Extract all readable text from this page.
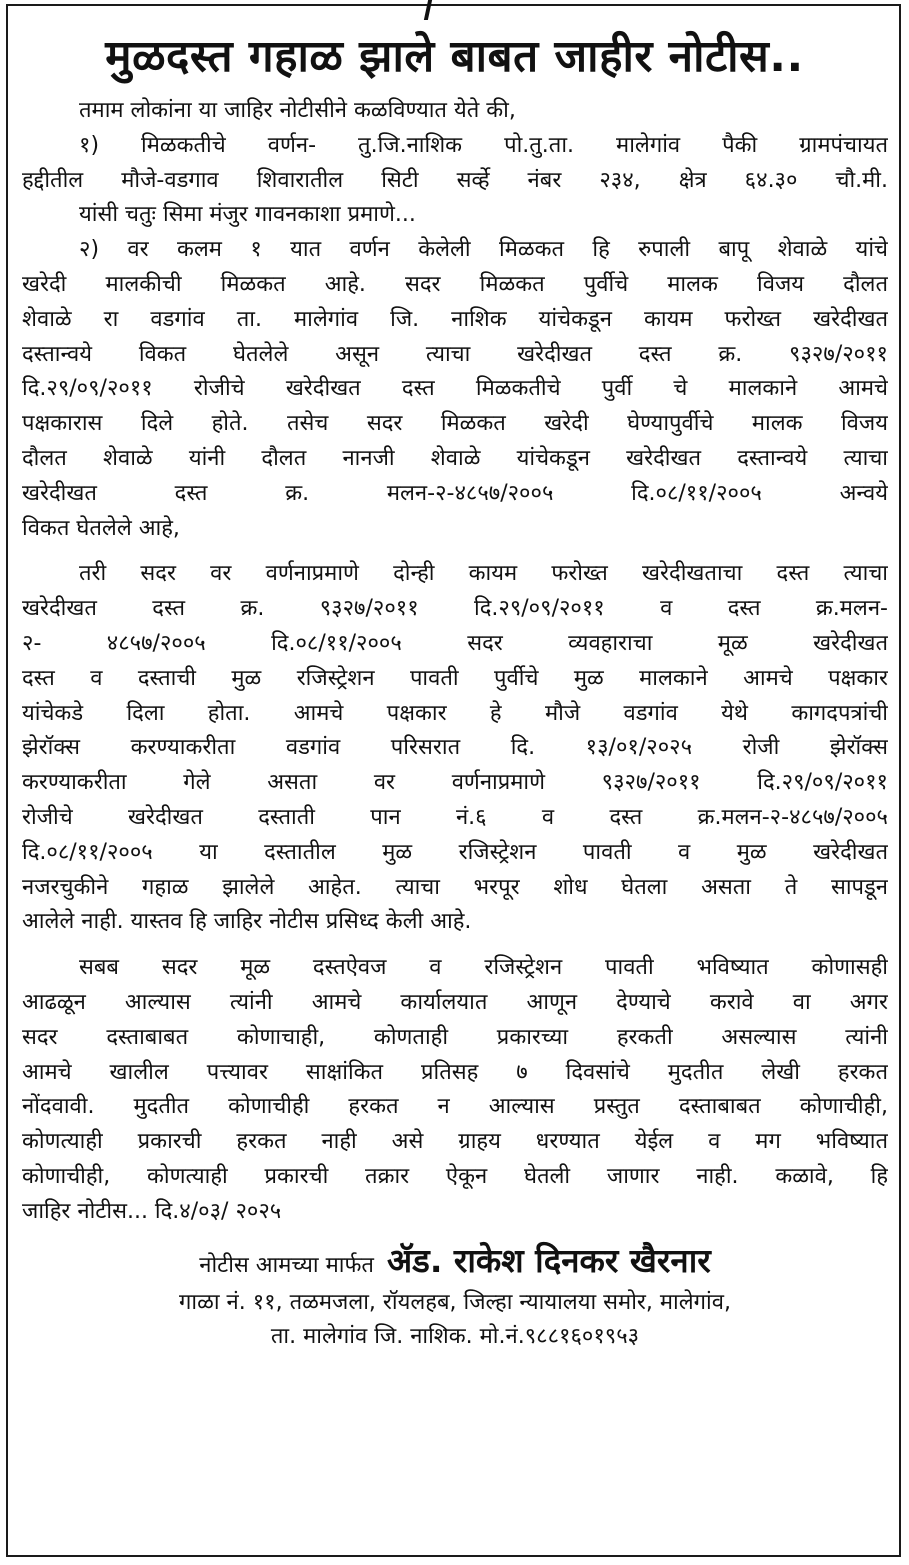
मुळदस्त गहाळ झाले बाबत जाहीर नोटीस..
तमाम लोकांना या जाहिर नोटीसीने कळविण्यात येते की,
१) मिळकतीचे वर्णन- तु.जि.नाशिक पो.तु.ता. मालेगांव पैकी ग्रामपंचायत
हद्दीतील मौजे-वडगाव शिवारातील सिटी सर्व्हे नंबर २३४, क्षेत्र ६४.३० चौ.मी.
यांसी चतुः सिमा मंजुर गावनकाशा प्रमाणे...
२) वर कलम १ यात वर्णन केलेली मिळकत हि रुपाली बापू शेवाळे यांचे
खरेदी मालकीची मिळकत आहे. सदर मिळकत पुर्वीचे मालक विजय दौलत
शेवाळे रा वडगांव ता. मालेगांव जि. नाशिक यांचेकडून कायम फरोख्त खरेदीखत
दस्तान्वये विकत घेतलेले असून त्याचा खरेदीखत दस्त क्र. ९३२७/२०११
दि.२९/०९/२०११ रोजीचे खरेदीखत दस्त मिळकतीचे पुर्वी चे मालकाने आमचे
पक्षकारास दिले होते. तसेच सदर मिळकत खरेदी घेण्यापुर्वीचे मालक विजय
दौलत शेवाळे यांनी दौलत नानजी शेवाळे यांचेकडून खरेदीखत दस्तान्वये त्याचा
खरेदीखत दस्त क्र. मलन-२-४८५७/२००५ दि.०८/११/२००५ अन्वये
विकत घेतलेले आहे,
तरी सदर वर वर्णनाप्रमाणे दोन्ही कायम फरोख्त खरेदीखताचा दस्त त्याचा
खरेदीखत दस्त क्र. ९३२७/२०११ दि.२९/०९/२०११ व दस्त क्र.मलन-
२- ४८५७/२००५ दि.०८/११/२००५ सदर व्यवहाराचा मूळ खरेदीखत
दस्त व दस्ताची मुळ रजिस्ट्रेशन पावती पुर्वीचे मुळ मालकाने आमचे पक्षकार
यांचेकडे दिला होता. आमचे पक्षकार हे मौजे वडगांव येथे कागदपत्रांची
झेरॉक्स करण्याकरीता वडगांव परिसरात दि. १३/०१/२०२५ रोजी झेरॉक्स
करण्याकरीता गेले असता वर वर्णनाप्रमाणे ९३२७/२०११ दि.२९/०९/२०११
रोजीचे खरेदीखत दस्ताती पान नं.६ व दस्त क्र.मलन-२-४८५७/२००५
दि.०८/११/२००५ या दस्तातील मुळ रजिस्ट्रेशन पावती व मुळ खरेदीखत
नजरचुकीने गहाळ झालेले आहेत. त्याचा भरपूर शोध घेतला असता ते सापडून
आलेले नाही. यास्तव हि जाहिर नोटीस प्रसिध्द केली आहे.
सबब सदर मूळ दस्तऐवज व रजिस्ट्रेशन पावती भविष्यात कोणासही
आढळून आल्यास त्यांनी आमचे कार्यालयात आणून देण्याचे करावे वा अगर
सदर दस्ताबाबत कोणाचाही, कोणताही प्रकारच्या हरकती असल्यास त्यांनी
आमचे खालील पत्त्यावर साक्षांकित प्रतिसह ७ दिवसांचे मुदतीत लेखी हरकत
नोंदवावी. मुदतीत कोणाचीही हरकत न आल्यास प्रस्तुत दस्ताबाबत कोणाचीही,
कोणत्याही प्रकारची हरकत नाही असे ग्राहय धरण्यात येईल व मग भविष्यात
कोणाचीही, कोणत्याही प्रकारची तक्रार ऐकून घेतली जाणार नाही. कळावे, हि
जाहिर नोटीस... दि.४/०३/ २०२५
नोटीस आमच्या मार्फत ॲड. राकेश दिनकर खैरनार
गाळा नं. ११, तळमजला, रॉयलहब, जिल्हा न्यायालया समोर, मालेगांव,
ता. मालेगांव जि. नाशिक. मो.नं.९८८१६०१९५३
